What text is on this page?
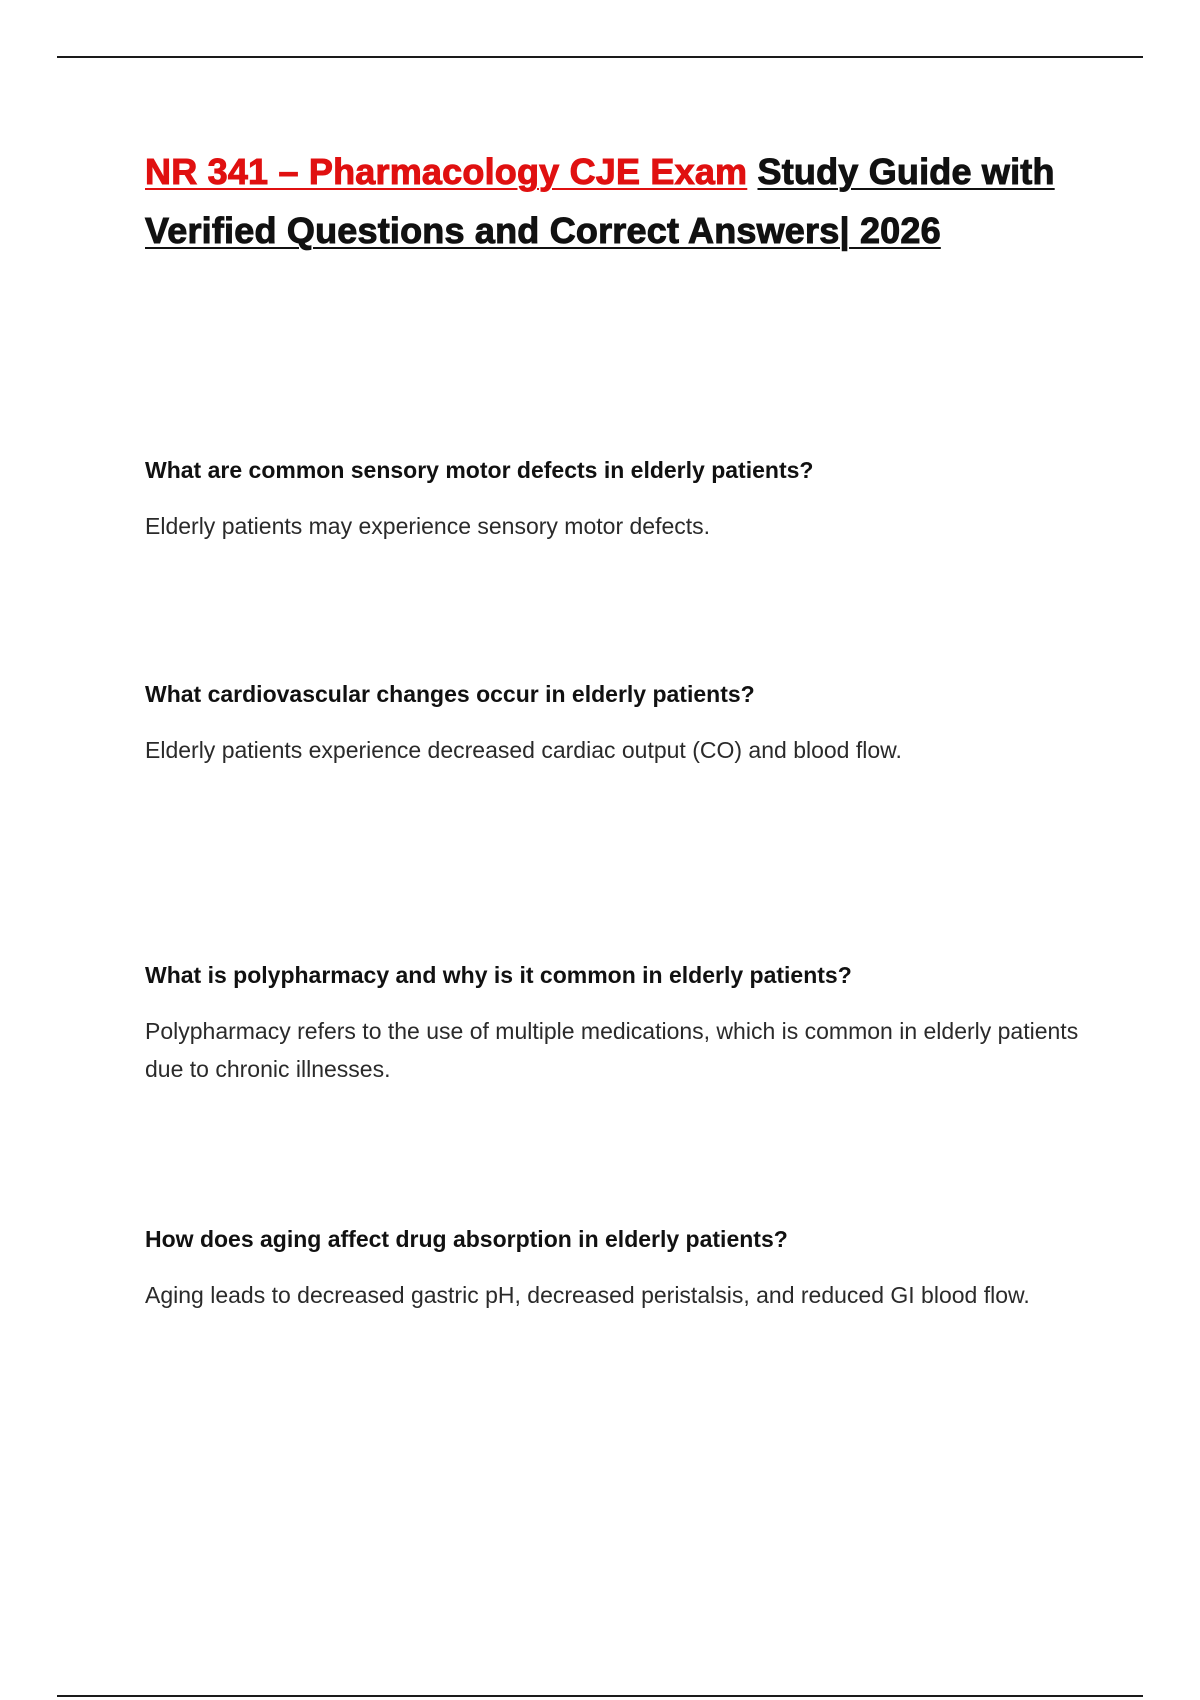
NR 341 – Pharmacology CJE Exam Study Guide with Verified Questions and Correct Answers| 2026

What are common sensory motor defects in elderly patients?

Elderly patients may experience sensory motor defects.

What cardiovascular changes occur in elderly patients?

Elderly patients experience decreased cardiac output (CO) and blood flow.

What is polypharmacy and why is it common in elderly patients?

Polypharmacy refers to the use of multiple medications, which is common in elderly patients due to chronic illnesses.

How does aging affect drug absorption in elderly patients?

Aging leads to decreased gastric pH, decreased peristalsis, and reduced GI blood flow.
